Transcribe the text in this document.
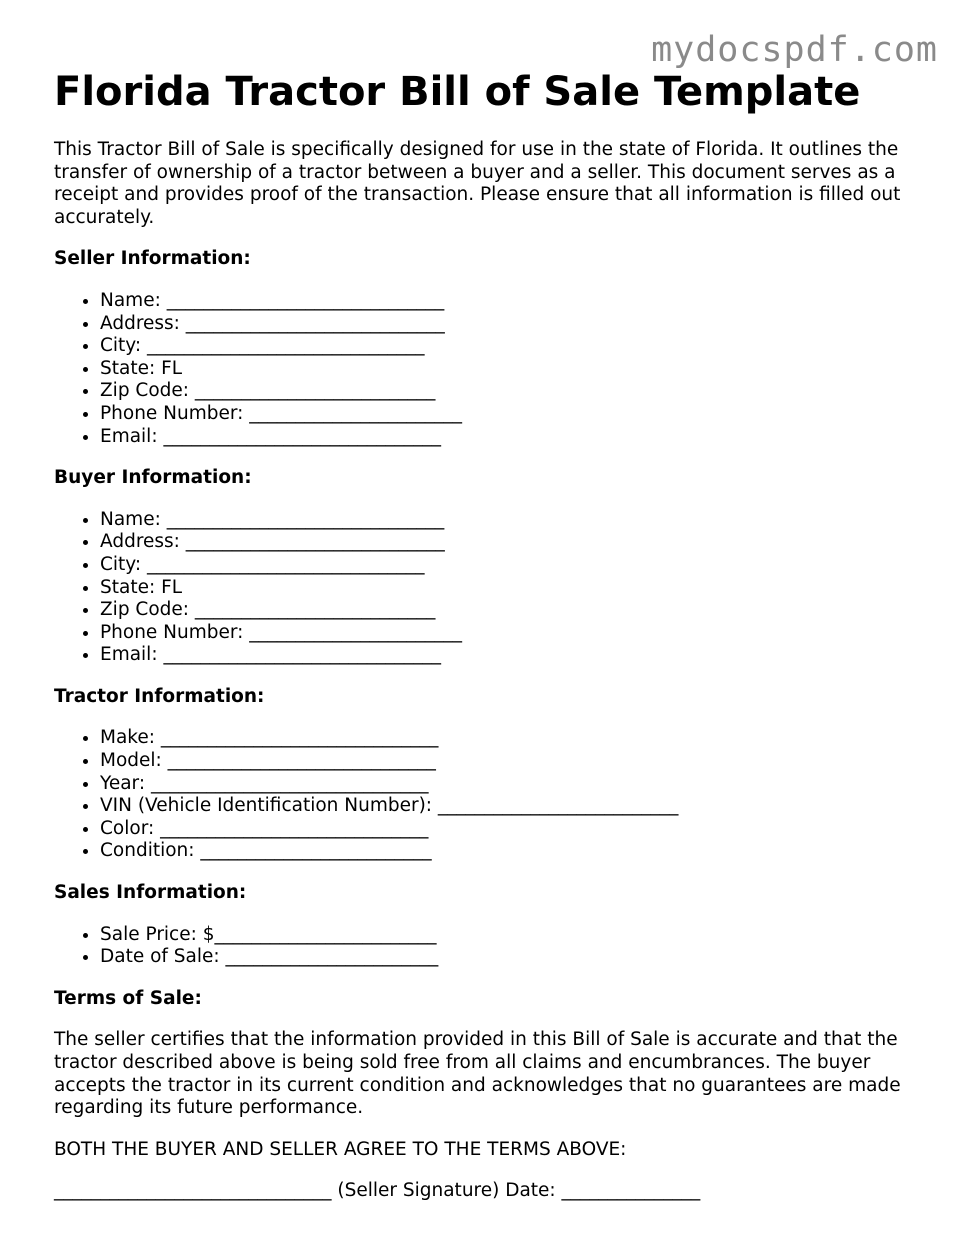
mydocspdf.com
Florida Tractor Bill of Sale Template

This Tractor Bill of Sale is specifically designed for use in the state of Florida. It outlines the transfer of ownership of a tractor between a buyer and a seller. This document serves as a receipt and provides proof of the transaction. Please ensure that all information is filled out accurately.

Seller Information:
• Name: ______________________________
• Address: ____________________________
• City: ______________________________
• State: FL
• Zip Code: __________________________
• Phone Number: _______________________
• Email: ______________________________
Buyer Information:
• Name: ______________________________
• Address: ____________________________
• City: ______________________________
• State: FL
• Zip Code: __________________________
• Phone Number: _______________________
• Email: ______________________________
Tractor Information:
• Make: ______________________________
• Model: _____________________________
• Year: ______________________________
• VIN (Vehicle Identification Number): __________________________
• Color: _____________________________
• Condition: _________________________
Sales Information:
• Sale Price: $________________________
• Date of Sale: _______________________
Terms of Sale:

The seller certifies that the information provided in this Bill of Sale is accurate and that the tractor described above is being sold free from all claims and encumbrances. The buyer accepts the tractor in its current condition and acknowledges that no guarantees are made regarding its future performance.

BOTH THE BUYER AND SELLER AGREE TO THE TERMS ABOVE:
______________________________ (Seller Signature) Date: _______________
